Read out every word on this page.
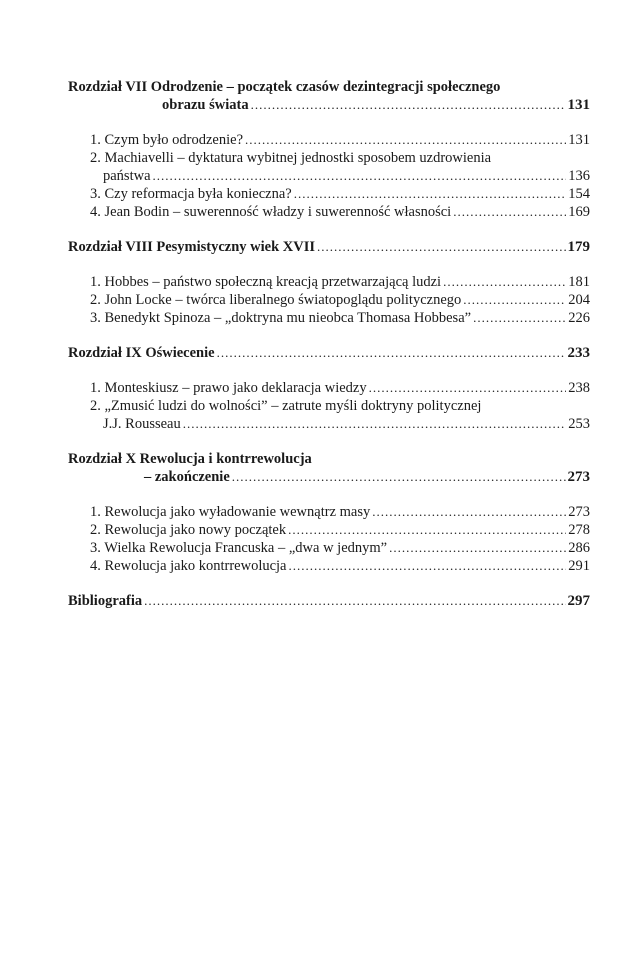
Rozdział VII Odrodzenie – początek czasów dezintegracji społecznego
obrazu świata .....	131
1. Czym było odrodzenie? .....	131
2. Machiavelli – dyktatura wybitnej jednostki sposobem uzdrowienia
państwa .....	136
3. Czy reformacja była konieczna? .....	154
4. Jean Bodin – suwerenność władzy i suwerenność własności .....	169
Rozdział VIII Pesymistyczny wiek XVII .....	179
1. Hobbes – państwo społeczną kreacją przetwarzającą ludzi .....	181
2. John Locke – twórca liberalnego światopoglądu politycznego .....	204
3. Benedykt Spinoza – „doktryna mu nieobca Thomasa Hobbesa” .....	226
Rozdział IX Oświecenie .....	233
1. Monteskiusz – prawo jako deklaracja wiedzy .....	238
2. „Zmusić ludzi do wolności” – zatrute myśli doktryny politycznej
J.J. Rousseau .....	253
Rozdział X Rewolucja i kontrrewolucja
– zakończenie .....	273
1. Rewolucja jako wyładowanie wewnątrz masy .....	273
2. Rewolucja jako nowy początek .....	278
3. Wielka Rewolucja Francuska – „dwa w jednym” .....	286
4. Rewolucja jako kontrrewolucja .....	291
Bibliografia .....	297
